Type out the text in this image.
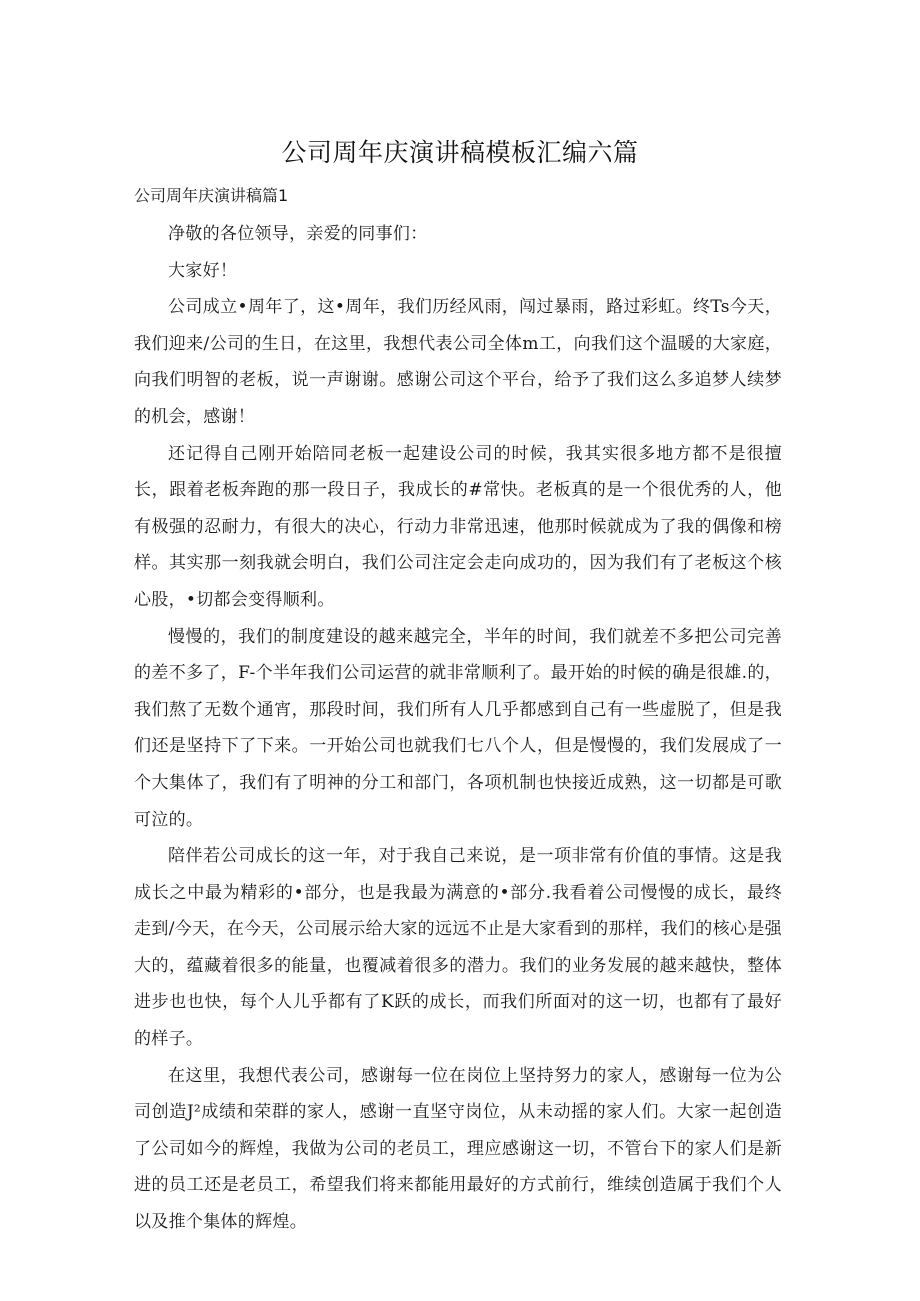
公司周年庆演讲稿模板汇编六篇
公司周年庆演讲稿篇1

净敬的各位领导，亲爱的同事们：

大家好！

公司成立•周年了，这•周年，我们历经风雨，闯过暴雨，路过彩虹。终Ts今天，我们迎来/公司的生日，在这里，我想代表公司全体m工，向我们这个温暖的大家庭，向我们明智的老板，说一声谢谢。感谢公司这个平台，给予了我们这么多追梦人续梦的机会，感谢！

还记得自己刚开始陪同老板一起建设公司的时候，我其实很多地方都不是很擅长，跟着老板奔跑的那一段日子，我成长的#常快。老板真的是一个很优秀的人，他有极强的忍耐力，有很大的决心，行动力非常迅速，他那时候就成为了我的偶像和榜样。其实那一刻我就会明白，我们公司注定会走向成功的，因为我们有了老板这个核心股，•切都会变得顺利。

慢慢的，我们的制度建设的越来越完全，半年的时间，我们就差不多把公司完善的差不多了，F-个半年我们公司运营的就非常顺利了。最开始的时候的确是很雄.的，我们熬了无数个通宵，那段时间，我们所有人几乎都感到自己有一些虚脱了，但是我们还是坚持下了下来。一开始公司也就我们七八个人，但是慢慢的，我们发展成了一个大集体了，我们有了明神的分工和部门，各项机制也快接近成熟，这一切都是可歌可泣的。

陪伴若公司成长的这一年，对于我自己来说，是一项非常有价值的事情。这是我成长之中最为精彩的•部分，也是我最为满意的•部分.我看着公司慢慢的成长，最终走到/今天，在今天，公司展示给大家的远远不止是大家看到的那样，我们的核心是强大的，蕴藏着很多的能量，也覆减着很多的潜力。我们的业务发展的越来越快，整体进步也也快，每个人儿乎都有了K跃的成长，而我们所面对的这一切，也都有了最好的样子。

在这里，我想代表公司，感谢每一位在岗位上坚持努力的家人，感谢每一位为公司创造J²成绩和荣群的家人，感谢一直坚守岗位，从未动摇的家人们。大家一起创造了公司如今的辉煌，我做为公司的老员工，理应感谢这一切，不管台下的家人们是新进的员工还是老员工，希望我们将来都能用最好的方式前行，维续创造属于我们个人以及推个集体的辉煌。
